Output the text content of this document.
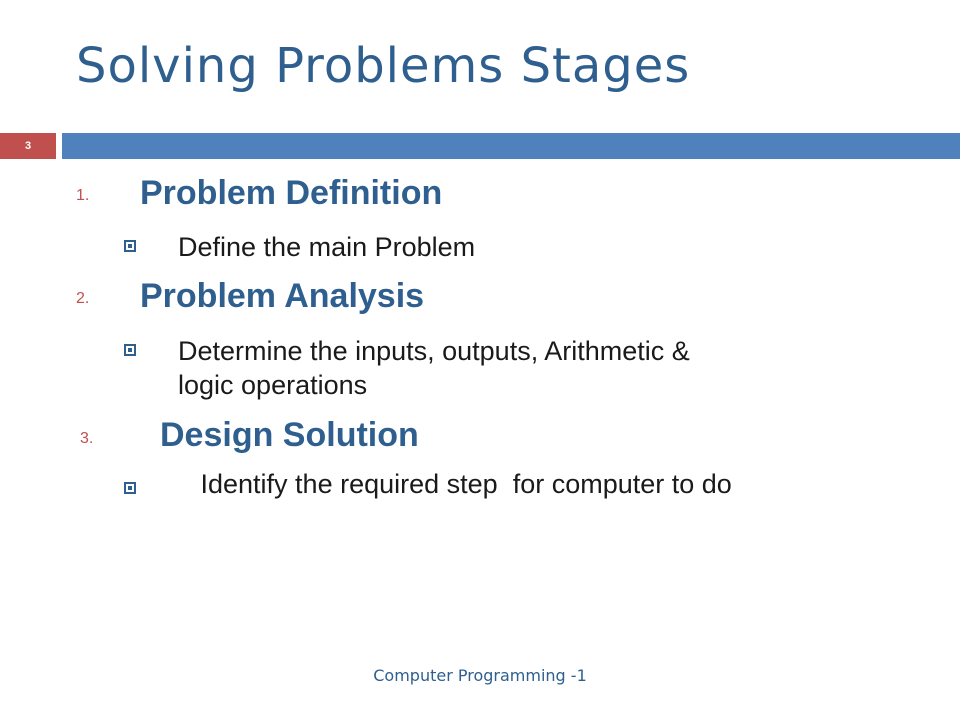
Solving Problems Stages
3
1. Problem Definition
Define the main Problem
2. Problem Analysis
Determine the inputs, outputs, Arithmetic &
logic operations
3. Design Solution
Identify the required step  for computer to do
Computer Programming -1
